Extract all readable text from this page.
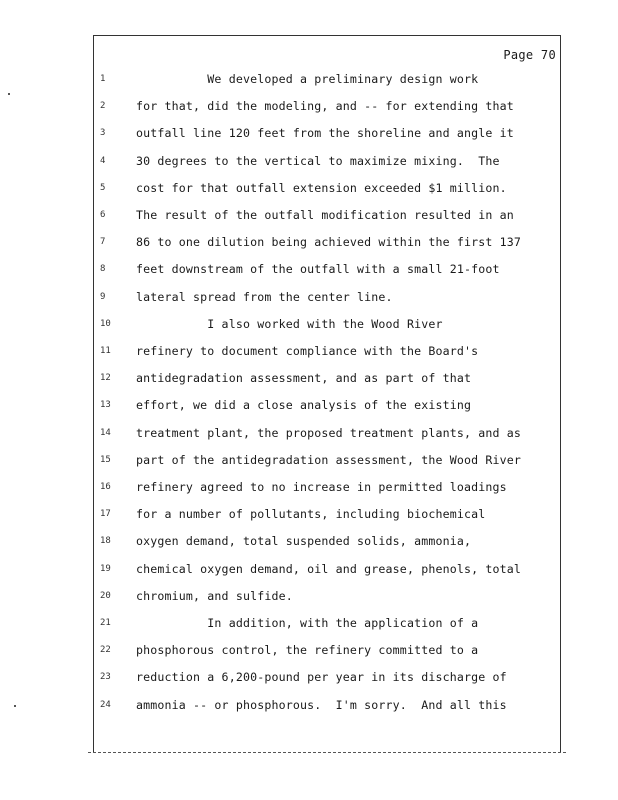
Page 70
1	We developed a preliminary design work
2	for that, did the modeling, and -- for extending that
3	outfall line 120 feet from the shoreline and angle it
4	30 degrees to the vertical to maximize mixing.  The
5	cost for that outfall extension exceeded $1 million.
6	The result of the outfall modification resulted in an
7	86 to one dilution being achieved within the first 137
8	feet downstream of the outfall with a small 21-foot
9	lateral spread from the center line.
10	I also worked with the Wood River
11	refinery to document compliance with the Board's
12	antidegradation assessment, and as part of that
13	effort, we did a close analysis of the existing
14	treatment plant, the proposed treatment plants, and as
15	part of the antidegradation assessment, the Wood River
16	refinery agreed to no increase in permitted loadings
17	for a number of pollutants, including biochemical
18	oxygen demand, total suspended solids, ammonia,
19	chemical oxygen demand, oil and grease, phenols, total
20	chromium, and sulfide.
21	In addition, with the application of a
22	phosphorous control, the refinery committed to a
23	reduction a 6,200-pound per year in its discharge of
24	ammonia -- or phosphorous.  I'm sorry.  And all this
